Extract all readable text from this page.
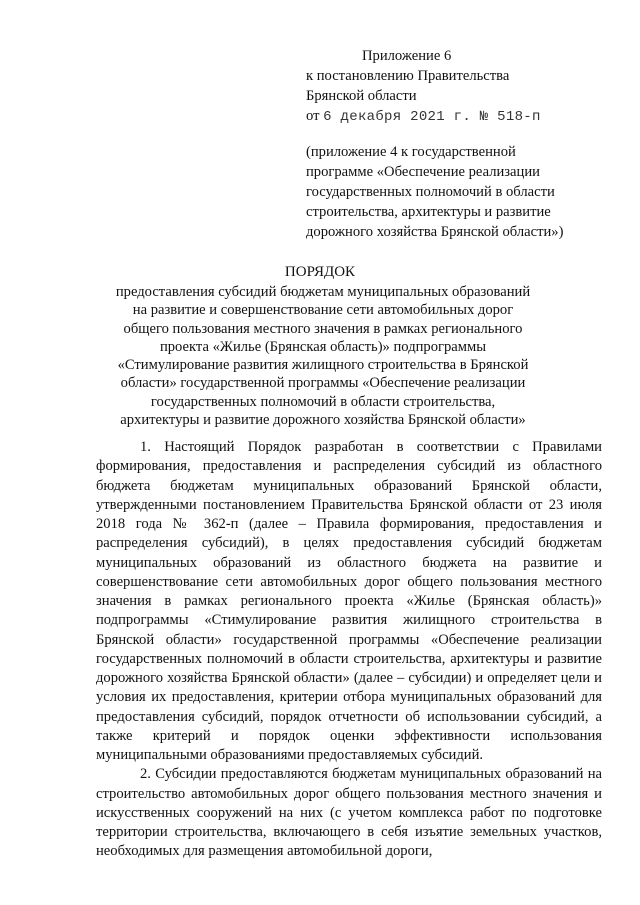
Приложение 6
к постановлению Правительства
Брянской области
от 6 декабря 2021 г. № 518-п
(приложение 4 к государственной
программе «Обеспечение реализации
государственных полномочий в области
строительства, архитектуры и развитие
дорожного хозяйства Брянской области»)
ПОРЯДОК
предоставления субсидий бюджетам муниципальных образований
на развитие и совершенствование сети автомобильных дорог
общего пользования местного значения в рамках регионального
проекта «Жилье (Брянская область)» подпрограммы
«Стимулирование развития жилищного строительства в Брянской
области» государственной программы «Обеспечение реализации
государственных полномочий в области строительства,
архитектуры и развитие дорожного хозяйства Брянской области»

1. Настоящий Порядок разработан в соответствии с Правилами формирования, предоставления и распределения субсидий из областного бюджета бюджетам муниципальных образований Брянской области, утвержденными постановлением Правительства Брянской области от 23 июля 2018 года № 362-п (далее – Правила формирования, предоставления и распределения субсидий), в целях предоставления субсидий бюджетам муниципальных образований из областного бюджета на развитие и совершенствование сети автомобильных дорог общего пользования местного значения в рамках регионального проекта «Жилье (Брянская область)» подпрограммы «Стимулирование развития жилищного строительства в Брянской области» государственной программы «Обеспечение реализации государственных полномочий в области строительства, архитектуры и развитие дорожного хозяйства Брянской области» (далее – субсидии) и определяет цели и условия их предоставления, критерии отбора муниципальных образований для предоставления субсидий, порядок отчетности об использовании субсидий, а также критерий и порядок оценки эффективности использования муниципальными образованиями предоставляемых субсидий.

2. Субсидии предоставляются бюджетам муниципальных образований на строительство автомобильных дорог общего пользования местного значения и искусственных сооружений на них (с учетом комплекса работ по подготовке территории строительства, включающего в себя изъятие земельных участков, необходимых для размещения автомобильной дороги,
